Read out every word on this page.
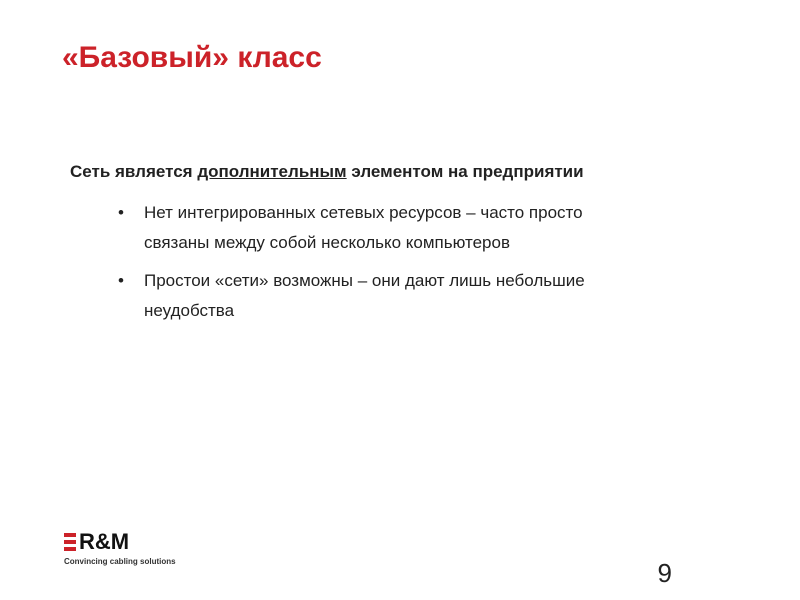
«Базовый» класс

Сеть является дополнительным элементом на предприятии

• Нет интегрированных сетевых ресурсов – часто просто связаны между собой несколько компьютеров
• Простои «сети» возможны – они дают лишь небольшие неудобства
R&M
Convincing cabling solutions	9
